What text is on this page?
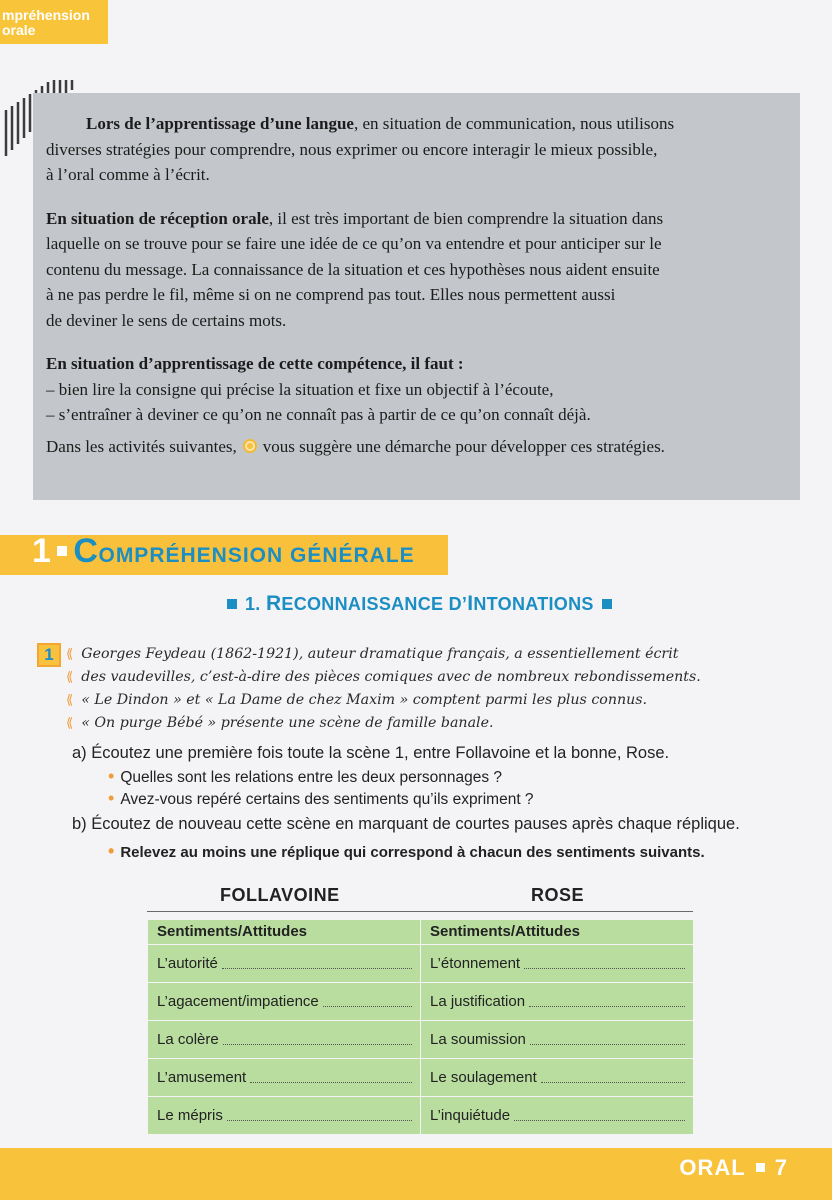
mpréhension
orale

Lors de l’apprentissage d’une langue, en situation de communication, nous utilisons
diverses stratégies pour comprendre, nous exprimer ou encore interagir le mieux possible,
à l’oral comme à l’écrit.

En situation de réception orale, il est très important de bien comprendre la situation dans
laquelle on se trouve pour se faire une idée de ce qu’on va entendre et pour anticiper sur le
contenu du message. La connaissance de la situation et ces hypothèses nous aident ensuite
à ne pas perdre le fil, même si on ne comprend pas tout. Elles nous permettent aussi
de deviner le sens de certains mots.

En situation d’apprentissage de cette compétence, il faut :
– bien lire la consigne qui précise la situation et fixe un objectif à l’écoute,
– s’entraîner à deviner ce qu’on ne connaît pas à partir de ce qu’on connaît déjà.

Dans les activités suivantes, vous suggère une démarche pour développer ces stratégies.

1 COMPRÉHENSION GÉNÉRALE
1. RECONNAISSANCE D’INTONATIONS
1 ⟪ Georges Feydeau (1862-1921), auteur dramatique français, a essentiellement écrit
⟪ des vaudevilles, c’est-à-dire des pièces comiques avec de nombreux rebondissements.
⟪ « Le Dindon » et « La Dame de chez Maxim » comptent parmi les plus connus.
⟪ « On purge Bébé » présente une scène de famille banale.
a) Écoutez une première fois toute la scène 1, entre Follavoine et la bonne, Rose.
• Quelles sont les relations entre les deux personnages ?
• Avez-vous repéré certains des sentiments qu’ils expriment ?
b) Écoutez de nouveau cette scène en marquant de courtes pauses après chaque réplique.
• Relevez au moins une réplique qui correspond à chacun des sentiments suivants.
FOLLAVOINE	ROSE
Sentiments/Attitudes
L’autorité
L’agacement/impatience
La colère
L’amusement
Le mépris
Sentiments/Attitudes
L’étonnement
La justification
La soumission
Le soulagement
L’inquiétude
ORAL 7
